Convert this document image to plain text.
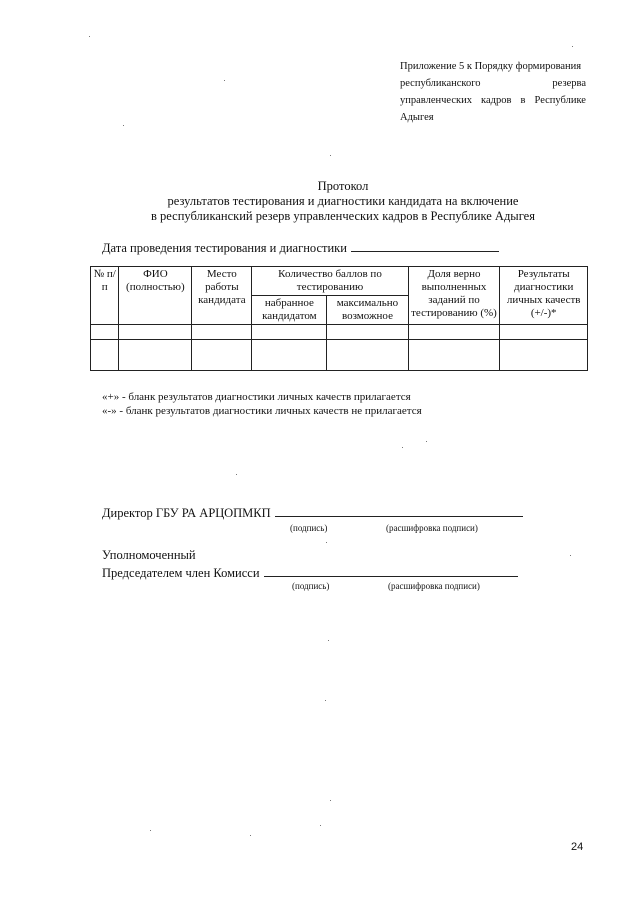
Приложение 5 к Порядку формирования
республиканского	резерва
управленческих кадров в Республике
Адыгея
Протокол
результатов тестирования и диагностики кандидата на включение
в республиканский резерв управленческих кадров в Республике Адыгея
Дата проведения тестирования и диагностики
№ п/п	ФИО (полностью)	Место работы кандидата	Количество баллов по тестированию		Доля верно выполненных заданий по тестированию (%)	Результаты диагностики личных качеств (+/-)*
			набранное кандидатом	максимально возможное		

«+» - бланк результатов диагностики личных качеств прилагается
«-» - бланк результатов диагностики личных качеств не прилагается
Директор ГБУ РА АРЦОПМКП
(подпись)	(расшифровка подписи)
Уполномоченный
Председателем член Комисси
(подпись)	(расшифровка подписи)
24
